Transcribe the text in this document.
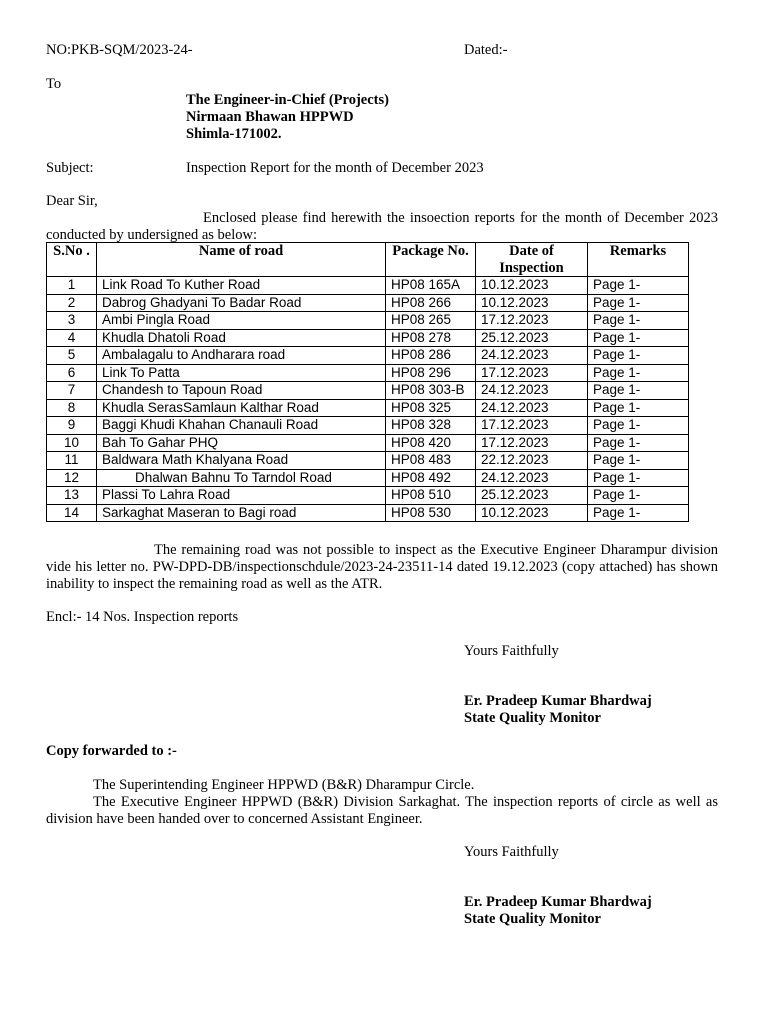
NO:PKB-SQM/2023-24-	Dated:-
To
The Engineer-in-Chief (Projects)
Nirmaan Bhawan HPPWD
Shimla-171002.
Subject:	Inspection Report for the month of December 2023
Dear Sir,
Enclosed please find herewith the insoection reports for the month of December 2023 conducted by undersigned as below:
S.No .	Name of road	Package No.	Date of Inspection	Remarks
1	Link Road To Kuther Road	HP08 165A	10.12.2023	Page 1-
2	Dabrog Ghadyani To Badar Road	HP08 266	10.12.2023	Page 1-
3	Ambi Pingla Road	HP08 265	17.12.2023	Page 1-
4	Khudla Dhatoli Road	HP08 278	25.12.2023	Page 1-
5	Ambalagalu to Andharara road	HP08 286	24.12.2023	Page 1-
6	Link To Patta	HP08 296	17.12.2023	Page 1-
7	Chandesh to Tapoun Road	HP08 303-B	24.12.2023	Page 1-
8	Khudla SerasSamlaun Kalthar Road	HP08 325	24.12.2023	Page 1-
9	Baggi Khudi Khahan Chanauli Road	HP08 328	17.12.2023	Page 1-
10	Bah To Gahar PHQ	HP08 420	17.12.2023	Page 1-
11	Baldwara Math Khalyana Road	HP08 483	22.12.2023	Page 1-
12	Dhalwan Bahnu To Tarndol Road	HP08 492	24.12.2023	Page 1-
13	Plassi To Lahra Road	HP08 510	25.12.2023	Page 1-
14	Sarkaghat Maseran to Bagi road	HP08 530	10.12.2023	Page 1-
The remaining road was not possible to inspect as the Executive Engineer Dharampur division vide his letter no. PW-DPD-DB/inspectionschdule/2023-24-23511-14 dated 19.12.2023 (copy attached) has shown inability to inspect the remaining road as well as the ATR.
Encl:- 14 Nos. Inspection reports
Yours Faithfully
Er. Pradeep Kumar Bhardwaj
State Quality Monitor
Copy forwarded to :-
The Superintending Engineer HPPWD (B&R) Dharampur Circle.
The Executive Engineer HPPWD (B&R) Division Sarkaghat. The inspection reports of circle as well as division have been handed over to concerned Assistant Engineer.
Yours Faithfully
Er. Pradeep Kumar Bhardwaj
State Quality Monitor
